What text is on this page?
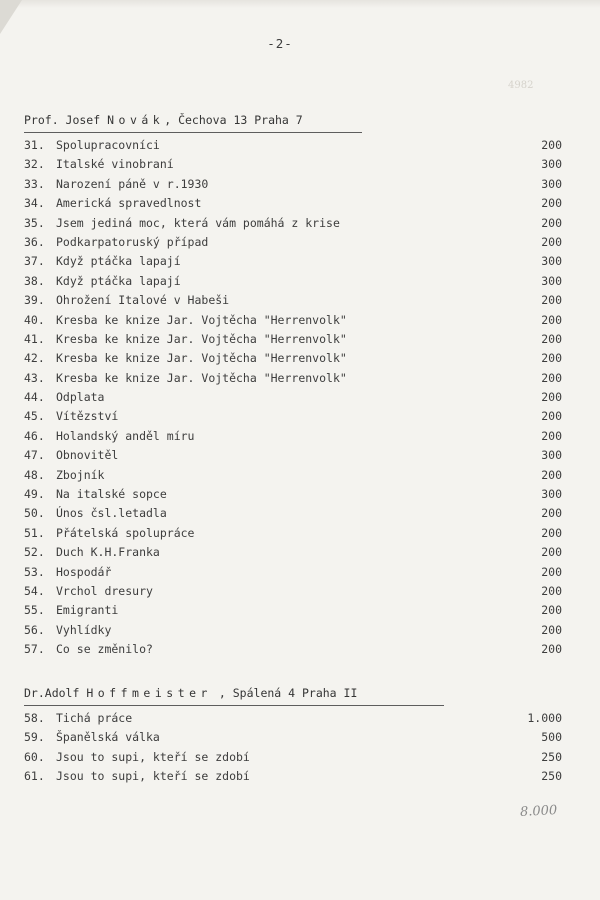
-2-
4982
Prof. Josef Novák, Čechova 13 Praha 7
31. Spolupracovníci	200
32. Italské vinobraní	300
33. Narození páně v r.1930	300
34. Americká spravedlnost	200
35. Jsem jediná moc, která vám pomáhá z krise	200
36. Podkarpatoruský případ	200
37. Když ptáčka lapají	300
38. Když ptáčka lapají	300
39. Ohrožení Italové v Habeši	200
40. Kresba ke knize Jar. Vojtěcha "Herrenvolk"	200
41. Kresba ke knize Jar. Vojtěcha "Herrenvolk"	200
42. Kresba ke knize Jar. Vojtěcha "Herrenvolk"	200
43. Kresba ke knize Jar. Vojtěcha "Herrenvolk"	200
44. Odplata	200
45. Vítězství	200
46. Holandský anděl míru	200
47. Obnovitěl	300
48. Zbojník	200
49. Na italské sopce	300
50. Únos čsl.letadla	200
51. Přátelská spolupráce	200
52. Duch K.H.Franka	200
53. Hospodář	200
54. Vrchol dresury	200
55. Emigranti	200
56. Vyhlídky	200
57. Co se změnilo?	200
Dr.Adolf Hoffmeister , Spálená 4 Praha II
58. Tichá práce	1.000
59. Španělská válka	500
60. Jsou to supi, kteří se zdobí	250
61. Jsou to supi, kteří se zdobí	250
8.000
